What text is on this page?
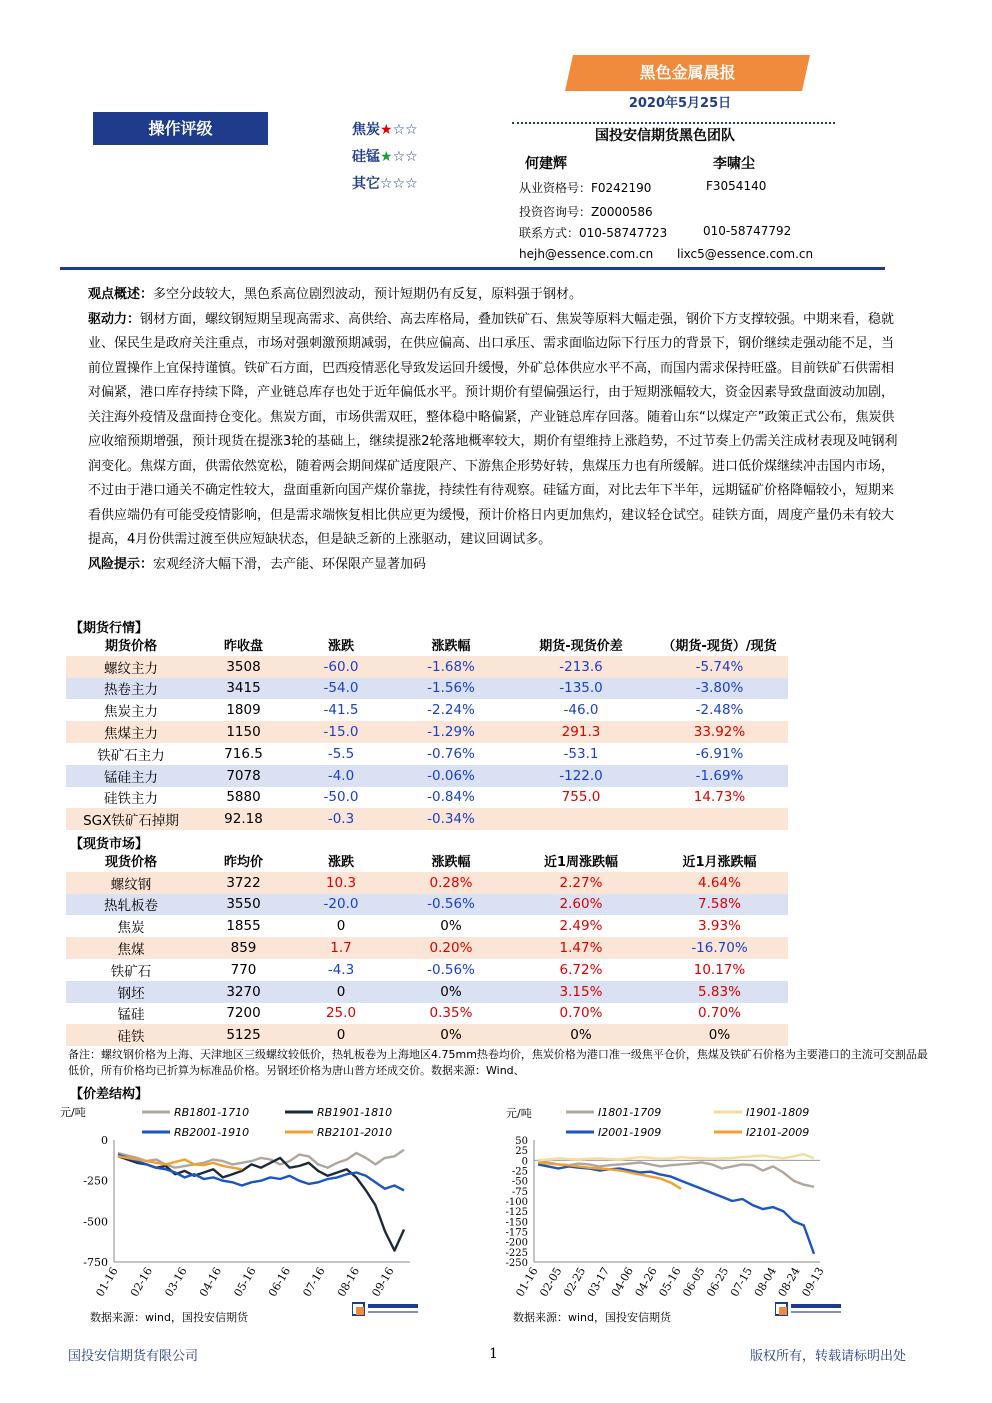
黑色金属晨报
2020年5月25日
操作评级	焦炭★☆☆
硅锰★☆☆
其它☆☆☆
国投安信期货黑色团队
何建辉	李啸尘
从业资格号：F0242190	F3054140
投资咨询号：Z0000586
联系方式：010-58747723	010-58747792
hejh@essence.com.cn lixc5@essence.com.cn

观点概述：多空分歧较大，黑色系高位剧烈波动，预计短期仍有反复，原料强于钢材。

驱动力：钢材方面，螺纹钢短期呈现高需求、高供给、高去库格局，叠加铁矿石、焦炭等原料大幅走强，钢价下方支撑较强。中期来看，稳就业、保民生是政府关注重点，市场对强刺激预期减弱，在供应偏高、出口承压、需求面临边际下行压力的背景下，钢价继续走强动能不足，当前位置操作上宜保持谨慎。铁矿石方面，巴西疫情恶化导致发运回升缓慢，外矿总体供应水平不高，而国内需求保持旺盛。目前铁矿石供需相对偏紧，港口库存持续下降，产业链总库存也处于近年偏低水平。预计期价有望偏强运行，由于短期涨幅较大，资金因素导致盘面波动加剧，关注海外疫情及盘面持仓变化。焦炭方面，市场供需双旺，整体稳中略偏紧，产业链总库存回落。随着山东“以煤定产”政策正式公布，焦炭供应收缩预期增强，预计现货在提涨3轮的基础上，继续提涨2轮落地概率较大，期价有望维持上涨趋势，不过节奏上仍需关注成材表现及吨钢利润变化。焦煤方面，供需依然宽松，随着两会期间煤矿适度限产、下游焦企形势好转，焦煤压力也有所缓解。进口低价煤继续冲击国内市场，不过由于港口通关不确定性较大，盘面重新向国产煤价靠拢，持续性有待观察。硅锰方面，对比去年下半年，远期锰矿价格降幅较小，短期来看供应端仍有可能受疫情影响，但是需求端恢复相比供应更为缓慢，预计价格日内更加焦灼，建议轻仓试空。硅铁方面，周度产量仍未有较大提高，4月份供需过渡至供应短缺状态，但是缺乏新的上涨驱动，建议回调试多。

风险提示：宏观经济大幅下滑，去产能、环保限产显著加码

【期货行情】
期货价格	昨收盘	涨跌	涨跌幅	期货-现货价差	（期货-现货）/现货
螺纹主力	3508	-60.0	-1.68%	-213.6	-5.74%
热卷主力	3415	-54.0	-1.56%	-135.0	-3.80%
焦炭主力	1809	-41.5	-2.24%	-46.0	-2.48%
焦煤主力	1150	-15.0	-1.29%	291.3	33.92%
铁矿石主力	716.5	-5.5	-0.76%	-53.1	-6.91%
锰硅主力	7078	-4.0	-0.06%	-122.0	-1.69%
硅铁主力	5880	-50.0	-0.84%	755.0	14.73%
SGX铁矿石掉期	92.18	-0.3	-0.34%		
【现货市场】
现货价格	昨均价	涨跌	涨跌幅	近1周涨跌幅	近1月涨跌幅
螺纹钢	3722	10.3	0.28%	2.27%	4.64%
热轧板卷	3550	-20.0	-0.56%	2.60%	7.58%
焦炭	1855	0	0%	2.49%	3.93%
焦煤	859	1.7	0.20%	1.47%	-16.70%
铁矿石	770	-4.3	-0.56%	6.72%	10.17%
钢坯	3270	0	0%	3.15%	5.83%
锰硅	7200	25.0	0.35%	0.70%	0.70%
硅铁	5125	0	0%	0%	0%
备注：螺纹钢价格为上海、天津地区三级螺纹较低价，热轧板卷为上海地区4.75mm热卷均价，焦炭价格为港口准一级焦平仓价，焦煤及铁矿石价格为主要港口的主流可交割品最低价，所有价格均已折算为标准品价格。另钢坯价格为唐山普方坯成交价。数据来源：Wind、
【价差结构】
元/吨
0
-250
-500
-750
01-16 02-16 03-16 04-16 05-16 06-16 07-16 08-16 09-16
RB1801-1710	RB1901-1810
RB2001-1910	RB2101-2010
元/吨
50
25
0
-25
-50
-75
-100
-125
-150
-175
-200
-225
-250
01-16
02-05
02-25
03-17
04-06
04-26
05-16
06-05
06-25
07-15
08-04
08-24
09-13
I1801-1709	I1901-1809
I2001-1909	I2101-2009
数据来源：wind，国投安信期货	数据来源：wind，国投安信期货
国投安信期货有限公司	1	版权所有，转载请标明出处
